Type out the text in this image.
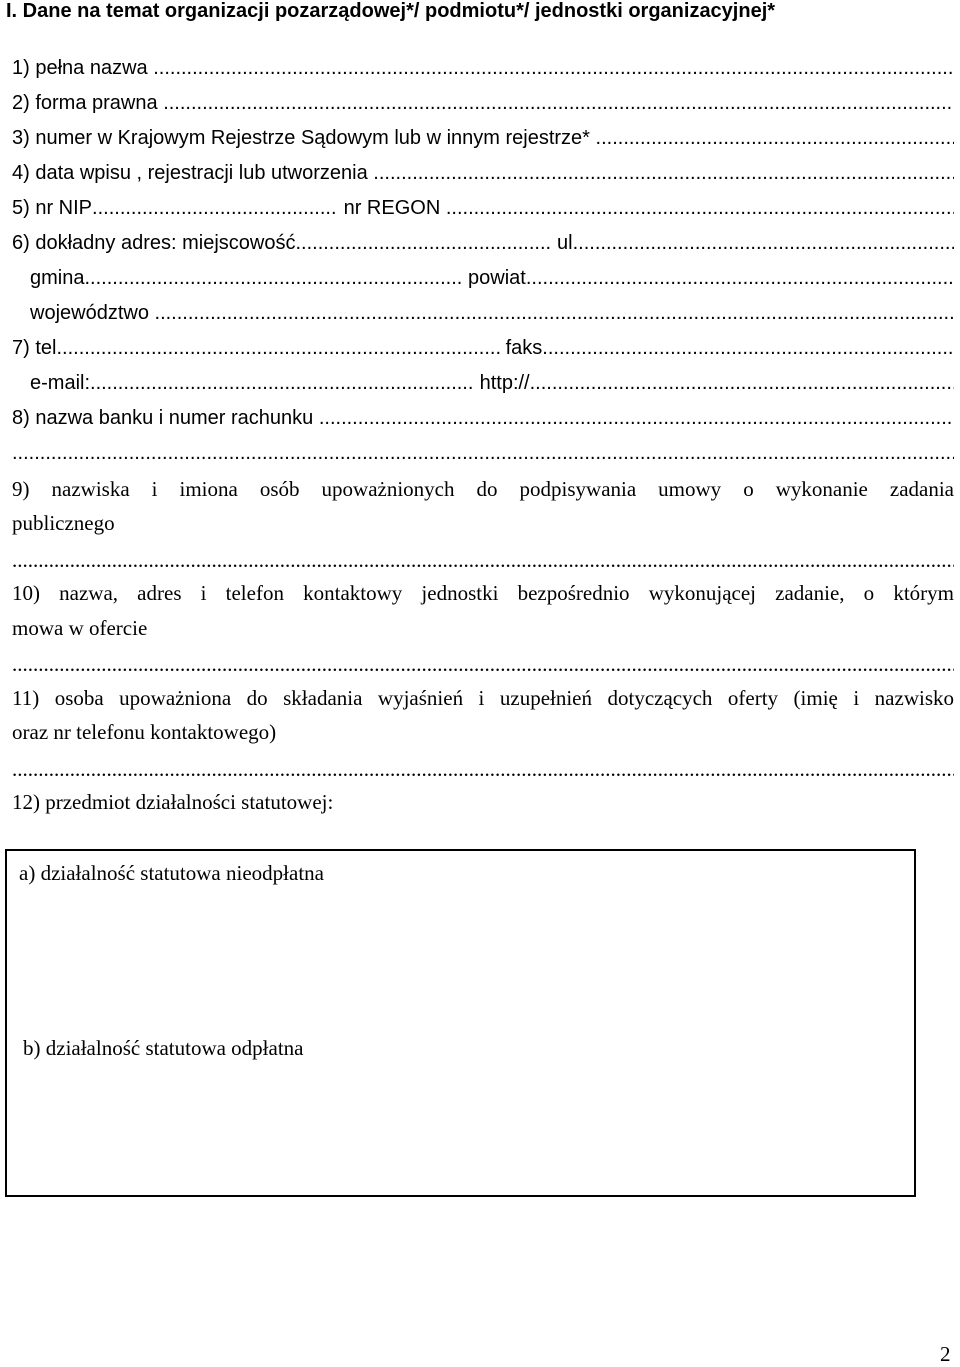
I. Dane na temat organizacji pozarządowej*/ podmiotu*/ jednostki organizacyjnej*
1) pełna nazwa

.....
2) forma prawna

.....
3) numer w Krajowym Rejestrze Sądowym lub w innym rejestrze*

.....
4) data wpisu , rejestracji lub utworzenia

.....
5) nr NIP .....
	nr REGON

.....
6) dokładny adres: miejscowość .....
	ul.
.....
gmina .....
	powiat
.....
województwo

.....
7) tel. .....
	faks
.....
e-mail: .....
	http://
.....
8) nazwa banku i numer rachunku

.....
.....
9) nazwiska i imiona osób upoważnionych do podpisywania umowy o wykonanie zadania
publicznego
.....
10) nazwa, adres i telefon kontaktowy jednostki bezpośrednio wykonującej zadanie, o którym
mowa w ofercie
.....
11) osoba upoważniona do składania wyjaśnień i uzupełnień dotyczących oferty (imię i nazwisko
oraz nr telefonu kontaktowego)
.....
12) przedmiot działalności statutowej:
a) działalność statutowa nieodpłatna
b) działalność statutowa odpłatna
2
